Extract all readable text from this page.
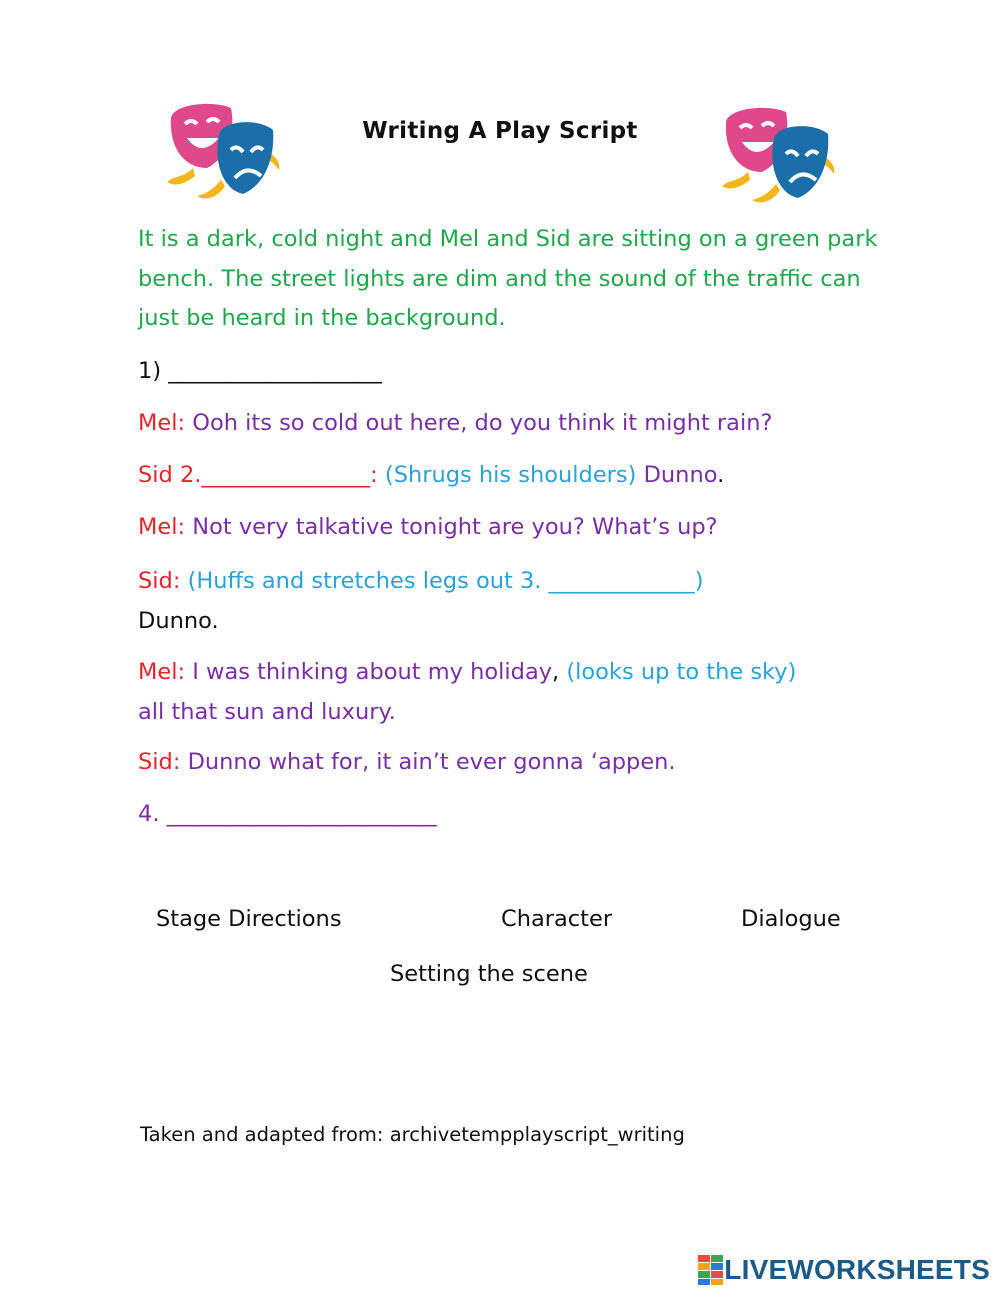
Writing A Play Script
It is a dark, cold night and Mel and Sid are sitting on a green park bench. The street lights are dim and the sound of the traffic can just be heard in the background.
1) ___________________
Mel: Ooh its so cold out here, do you think it might rain?
Sid 2._______________: (Shrugs his shoulders) Dunno.
Mel: Not very talkative tonight are you? What’s up?
Sid: (Huffs and stretches legs out 3. _____________)
Dunno.
Mel: I was thinking about my holiday, (looks up to the sky)
all that sun and luxury.
Sid: Dunno what for, it ain’t ever gonna ‘appen.
4. ________________________
Stage Directions	Character	Dialogue
Setting the scene
Taken and adapted from: archivetempplayscript_writing
LIVEWORKSHEETS
